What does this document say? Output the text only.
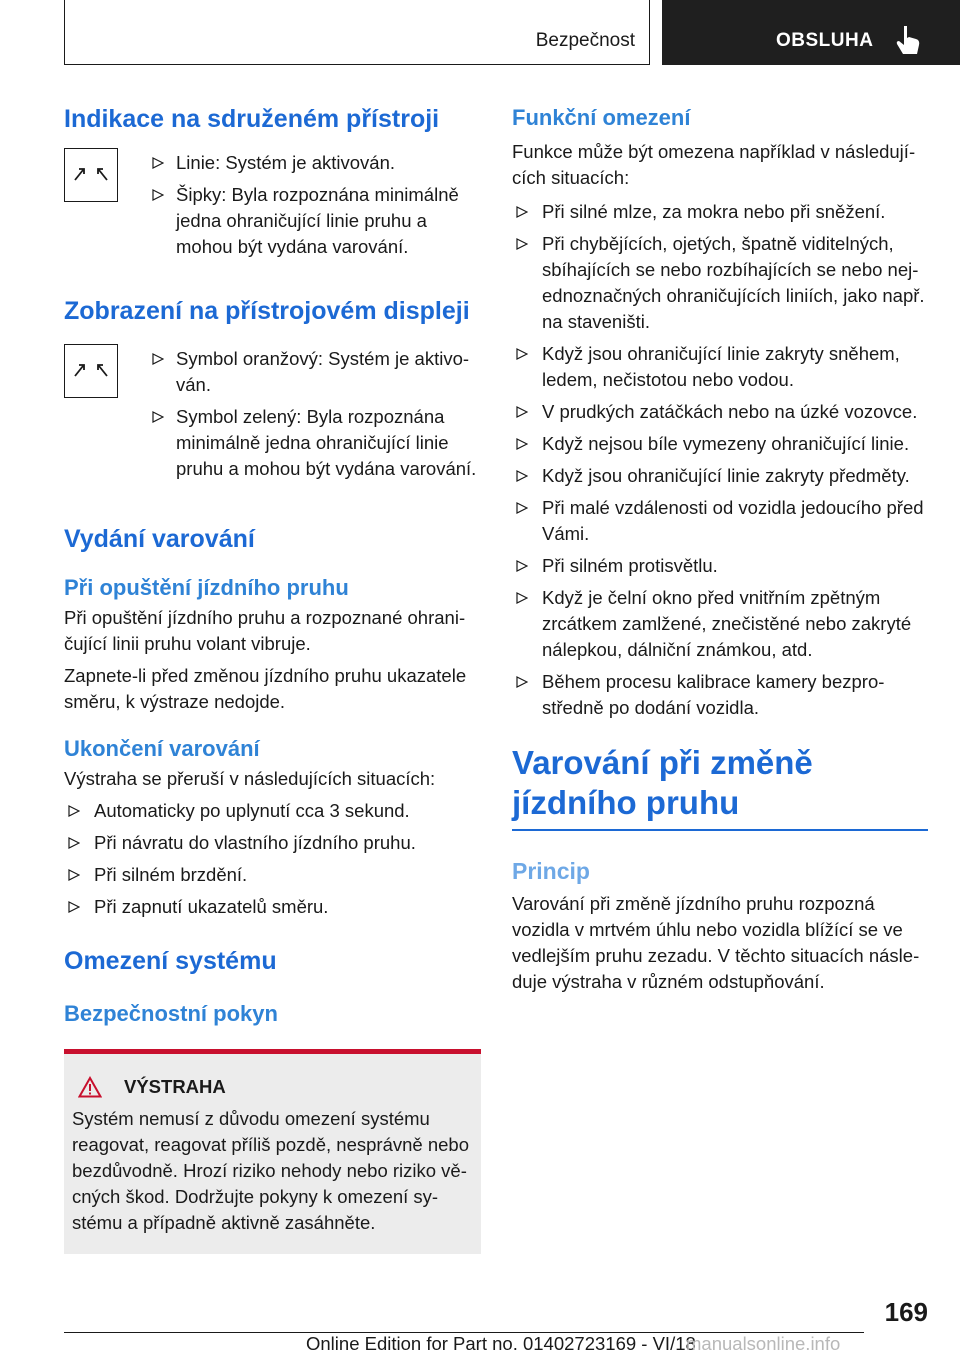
Bezpečnost	OBSLUHA
Indikace na sdruženém přístroji
Linie: Systém je aktivován.
Šipky: Byla rozpoznána minimálně jedna ohraničující linie pruhu a mohou být vydána varování.
Zobrazení na přístrojovém displeji
Symbol oranžový: Systém je aktivován.
Symbol zelený: Byla rozpoznána minimálně jedna ohraničující linie pruhu a mohou být vydána varování.
Vydání varování
Při opuštění jízdního pruhu

Při opuštění jízdního pruhu a rozpoznané ohraničující linii pruhu volant vibruje.

Zapnete-li před změnou jízdního pruhu ukazatele směru, k výstraze nedojde.

Ukončení varování

Výstraha se přeruší v následujících situacích:

Automaticky po uplynutí cca 3 sekund.
Při návratu do vlastního jízdního pruhu.
Při silném brzdění.
Při zapnutí ukazatelů směru.
Omezení systému
Bezpečnostní pokyn
VÝSTRAHA

Systém nemusí z důvodu omezení systému reagovat, reagovat příliš pozdě, nesprávně nebo bezdůvodně. Hrozí riziko nehody nebo riziko věcných škod. Dodržujte pokyny k omezení systému a případně aktivně zasáhněte.

Funkční omezení

Funkce může být omezena například v následujících situacích:

Při silné mlze, za mokra nebo při sněžení.
Při chybějících, ojetých, špatně viditelných, sbíhajících se nebo rozbíhajících se nebo nejednoznačných ohraničujících liniích, jako např. na staveništi.
Když jsou ohraničující linie zakryty sněhem, ledem, nečistotou nebo vodou.
V prudkých zatáčkách nebo na úzké vozovce.
Když nejsou bíle vymezeny ohraničující linie.
Když jsou ohraničující linie zakryty předměty.
Při malé vzdálenosti od vozidla jedoucího před Vámi.
Při silném protisvětlu.
Když je čelní okno před vnitřním zpětným zrcátkem zamlžené, znečistěné nebo zakryté nálepkou, dálniční známkou, atd.
Během procesu kalibrace kamery bezprostředně po dodání vozidla.
Varování při změně jízdního pruhu
Princip

Varování při změně jízdního pruhu rozpozná vozidla v mrtvém úhlu nebo vozidla blížící se ve vedlejším pruhu zezadu. V těchto situacích následuje výstraha v různém odstupňování.

169
Online Edition for Part no. 01402723169 - VI/18
manualsonline.info
